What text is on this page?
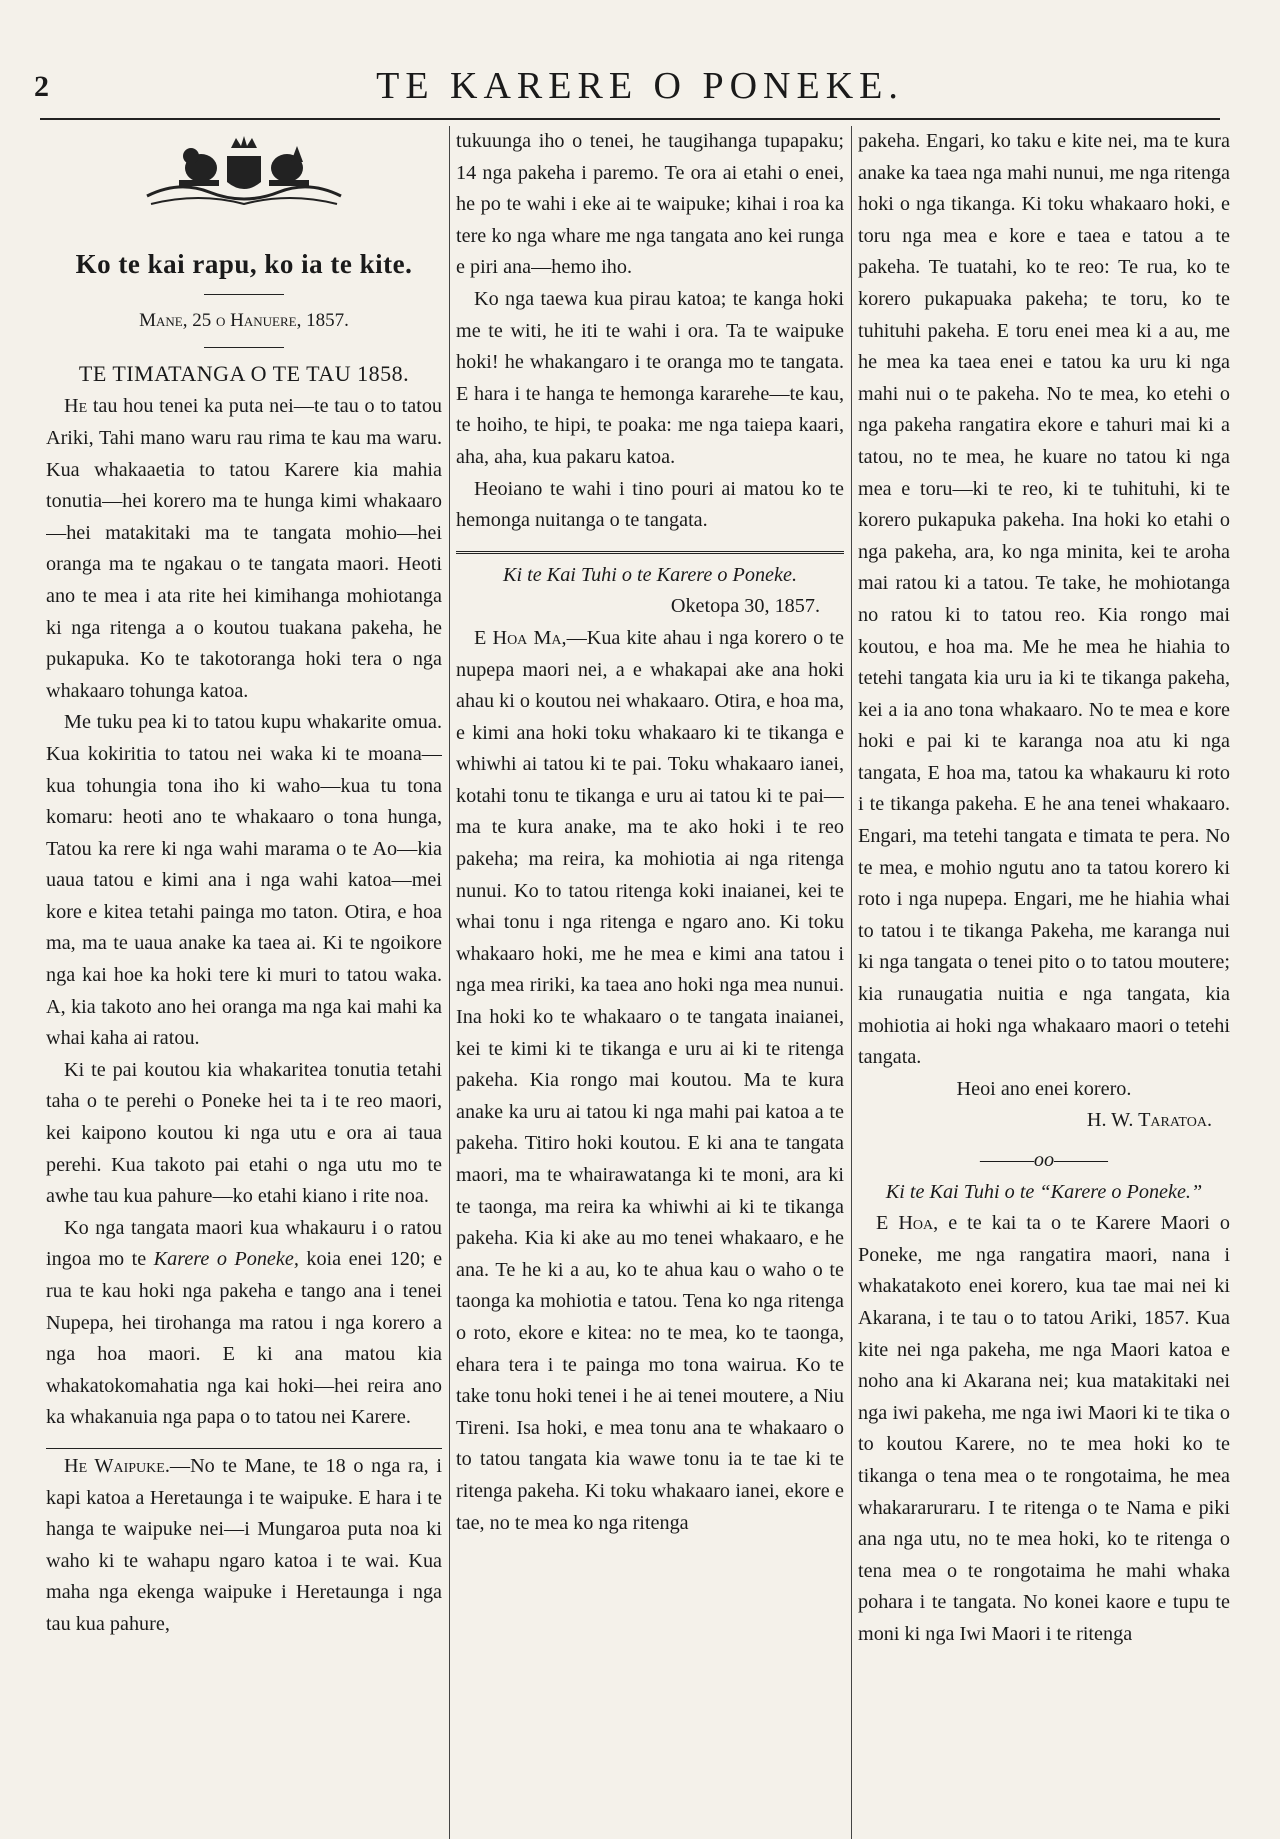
2	TE KARERE O PONEKE.
Ko te kai rapu, ko ia te kite.
Mane, 25 o Hanuere, 1857.
TE TIMATANGA O TE TAU 1858.

He tau hou tenei ka puta nei—te tau o to tatou Ariki, Tahi mano waru rau rima te kau ma waru. Kua whakaaetia to tatou Karere kia mahia tonutia—hei korero ma te hunga kimi whakaaro—hei matakitaki ma te tangata mohio—hei oranga ma te ngakau o te tangata maori. Heoti ano te mea i ata rite hei kimihanga mohiotanga ki nga ritenga a o koutou tuakana pakeha, he pukapuka. Ko te takotoranga hoki tera o nga whakaaro tohunga katoa.

Me tuku pea ki to tatou kupu whakarite omua. Kua kokiritia to tatou nei waka ki te moana—kua tohungia tona iho ki waho—kua tu tona komaru: heoti ano te whakaaro o tona hunga, Tatou ka rere ki nga wahi marama o te Ao—kia uaua tatou e kimi ana i nga wahi katoa—mei kore e kitea tetahi painga mo taton. Otira, e hoa ma, ma te uaua anake ka taea ai. Ki te ngoikore nga kai hoe ka hoki tere ki muri to tatou waka. A, kia takoto ano hei oranga ma nga kai mahi ka whai kaha ai ratou.

Ki te pai koutou kia whakaritea tonutia tetahi taha o te perehi o Poneke hei ta i te reo maori, kei kaipono koutou ki nga utu e ora ai taua perehi. Kua takoto pai etahi o nga utu mo te awhe tau kua pahure—ko etahi kiano i rite noa.

Ko nga tangata maori kua whakauru i o ratou ingoa mo te Karere o Poneke, koia enei 120; e rua te kau hoki nga pakeha e tango ana i tenei Nupepa, hei tirohanga ma ratou i nga korero a nga hoa maori. E ki ana matou kia whakatokomahatia nga kai hoki—hei reira ano ka whakanuia nga papa o to tatou nei Karere.

He Waipuke.—No te Mane, te 18 o nga ra, i kapi katoa a Heretaunga i te waipuke. E hara i te hanga te waipuke nei—i Mungaroa puta noa ki waho ki te wahapu ngaro katoa i te wai. Kua maha nga ekenga waipuke i Heretaunga i nga tau kua pahure,

tukuunga iho o tenei, he taugihanga tupapaku; 14 nga pakeha i paremo. Te ora ai etahi o enei, he po te wahi i eke ai te waipuke; kihai i roa ka tere ko nga whare me nga tangata ano kei runga e piri ana—hemo iho.

Ko nga taewa kua pirau katoa; te kanga hoki me te witi, he iti te wahi i ora. Ta te waipuke hoki! he whakangaro i te oranga mo te tangata. E hara i te hanga te hemonga kararehe—te kau, te hoiho, te hipi, te poaka: me nga taiepa kaari, aha, aha, kua pakaru katoa.

Heoiano te wahi i tino pouri ai matou ko te hemonga nuitanga o te tangata.

Ki te Kai Tuhi o te Karere o Poneke.
Oketopa 30, 1857.

E Hoa Ma,—Kua kite ahau i nga korero o te nupepa maori nei, a e whakapai ake ana hoki ahau ki o koutou nei whakaaro. Otira, e hoa ma, e kimi ana hoki toku whakaaro ki te tikanga e whiwhi ai tatou ki te pai. Toku whakaaro ianei, kotahi tonu te tikanga e uru ai tatou ki te pai—ma te kura anake, ma te ako hoki i te reo pakeha; ma reira, ka mohiotia ai nga ritenga nunui. Ko to tatou ritenga koki inaianei, kei te whai tonu i nga ritenga e ngaro ano. Ki toku whakaaro hoki, me he mea e kimi ana tatou i nga mea ririki, ka taea ano hoki nga mea nunui. Ina hoki ko te whakaaro o te tangata inaianei, kei te kimi ki te tikanga e uru ai ki te ritenga pakeha. Kia rongo mai koutou. Ma te kura anake ka uru ai tatou ki nga mahi pai katoa a te pakeha. Titiro hoki koutou. E ki ana te tangata maori, ma te whairawatanga ki te moni, ara ki te taonga, ma reira ka whiwhi ai ki te tikanga pakeha. Kia ki ake au mo tenei whakaaro, e he ana. Te he ki a au, ko te ahua kau o waho o te taonga ka mohiotia e tatou. Tena ko nga ritenga o roto, ekore e kitea: no te mea, ko te taonga, ehara tera i te painga mo tona wairua. Ko te take tonu hoki tenei i he ai tenei moutere, a Niu Tireni. Isa hoki, e mea tonu ana te whakaaro o to tatou tangata kia wawe tonu ia te tae ki te ritenga pakeha. Ki toku whakaaro ianei, ekore e tae, no te mea ko nga ritenga

pakeha. Engari, ko taku e kite nei, ma te kura anake ka taea nga mahi nunui, me nga ritenga hoki o nga tikanga. Ki toku whakaaro hoki, e toru nga mea e kore e taea e tatou a te pakeha. Te tuatahi, ko te reo: Te rua, ko te korero pukapuaka pakeha; te toru, ko te tuhituhi pakeha. E toru enei mea ki a au, me he mea ka taea enei e tatou ka uru ki nga mahi nui o te pakeha. No te mea, ko etehi o nga pakeha rangatira ekore e tahuri mai ki a tatou, no te mea, he kuare no tatou ki nga mea e toru—ki te reo, ki te tuhituhi, ki te korero pukapuka pakeha. Ina hoki ko etahi o nga pakeha, ara, ko nga minita, kei te aroha mai ratou ki a tatou. Te take, he mohiotanga no ratou ki to tatou reo. Kia rongo mai koutou, e hoa ma. Me he mea he hiahia to tetehi tangata kia uru ia ki te tikanga pakeha, kei a ia ano tona whakaaro. No te mea e kore hoki e pai ki te karanga noa atu ki nga tangata, E hoa ma, tatou ka whakauru ki roto i te tikanga pakeha. E he ana tenei whakaaro. Engari, ma tetehi tangata e timata te pera. No te mea, e mohio ngutu ano ta tatou korero ki roto i nga nupepa. Engari, me he hiahia whai to tatou i te tikanga Pakeha, me karanga nui ki nga tangata o tenei pito o to tatou moutere; kia runaugatia nuitia e nga tangata, kia mohiotia ai hoki nga whakaaro maori o tetehi tangata.

Heoi ano enei korero.
H. W. Taratoa.
———oo———
Ki te Kai Tuhi o te “Karere o Poneke.”

E Hoa, e te kai ta o te Karere Maori o Poneke, me nga rangatira maori, nana i whakatakoto enei korero, kua tae mai nei ki Akarana, i te tau o to tatou Ariki, 1857. Kua kite nei nga pakeha, me nga Maori katoa e noho ana ki Akarana nei; kua matakitaki nei nga iwi pakeha, me nga iwi Maori ki te tika o to koutou Karere, no te mea hoki ko te tikanga o tena mea o te rongotaima, he mea whakararuraru. I te ritenga o te Nama e piki ana nga utu, no te mea hoki, ko te ritenga o tena mea o te rongotaima he mahi whaka pohara i te tangata. No konei kaore e tupu te moni ki nga Iwi Maori i te ritenga
